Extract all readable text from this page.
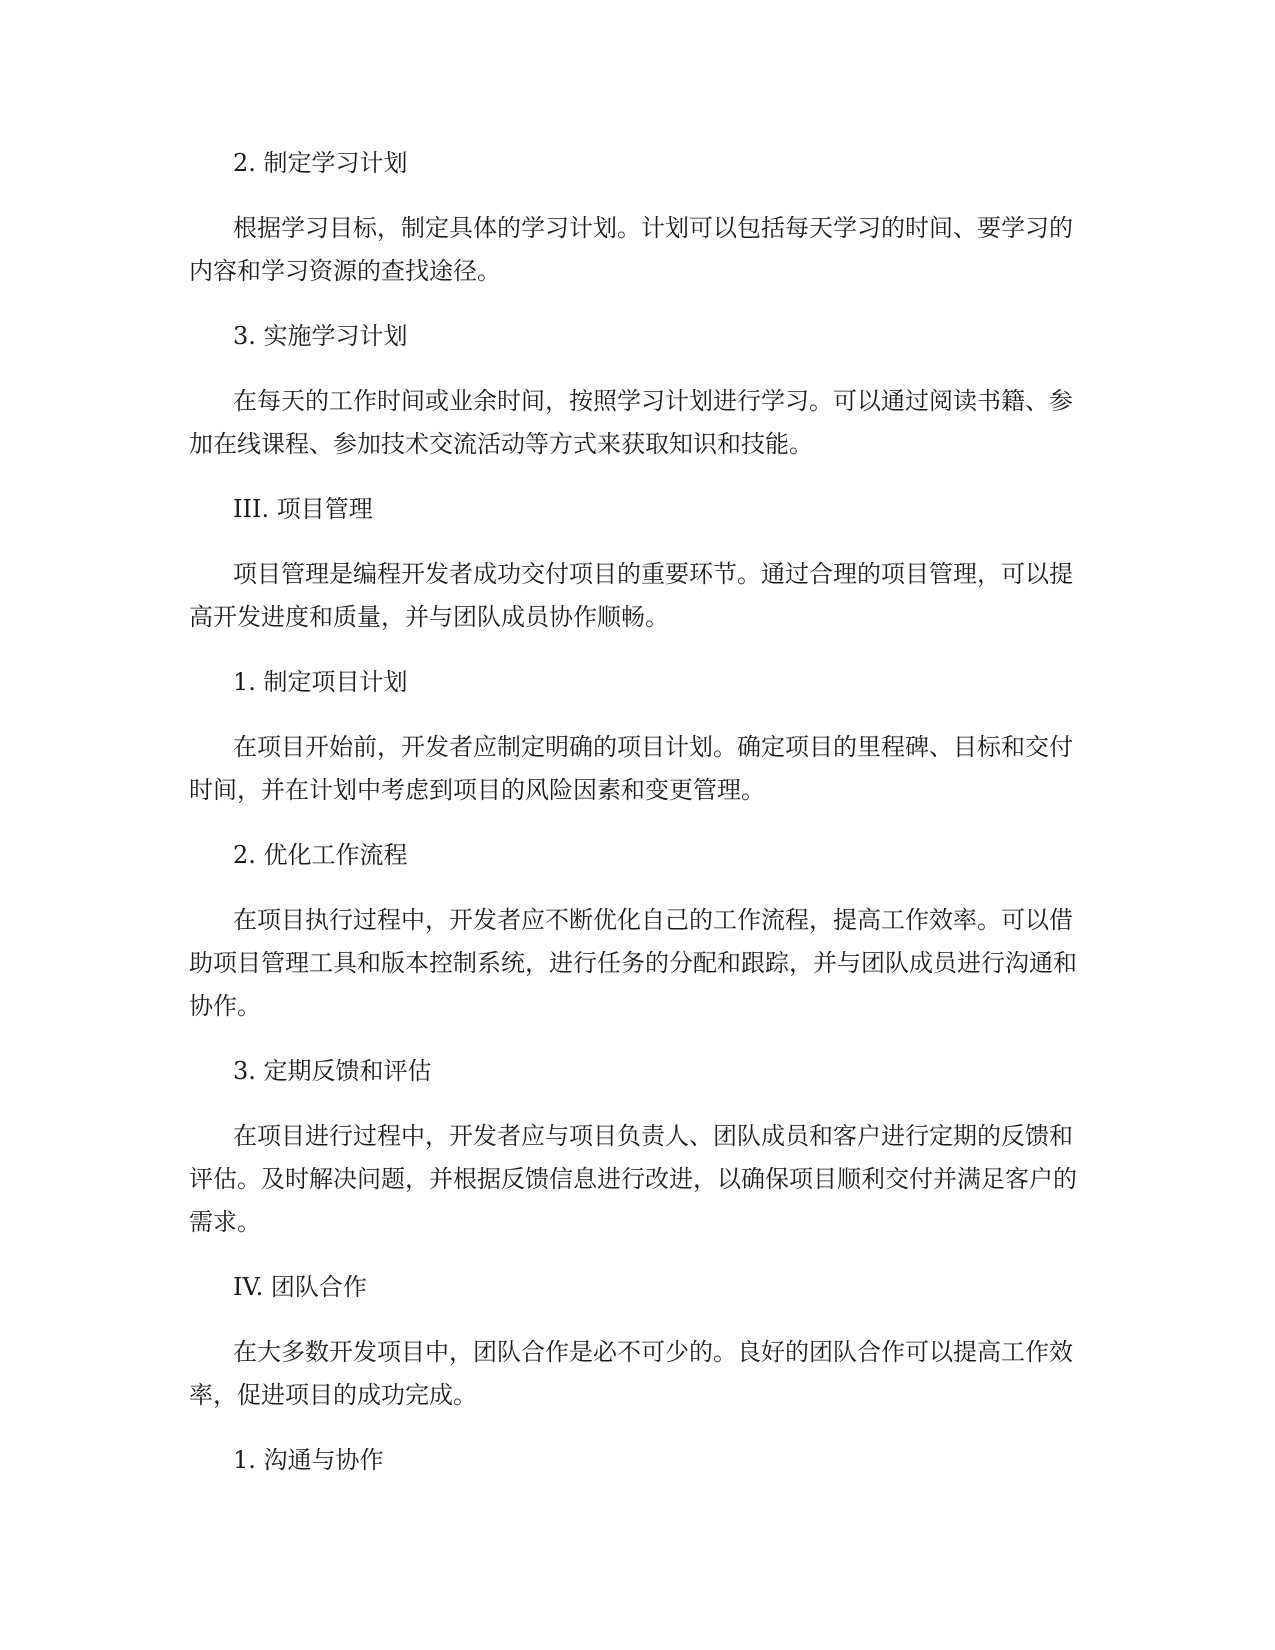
2. 制定学习计划

根据学习目标，制定具体的学习计划。计划可以包括每天学习的时间、要学习的内容和学习资源的查找途径。

3. 实施学习计划

在每天的工作时间或业余时间，按照学习计划进行学习。可以通过阅读书籍、参加在线课程、参加技术交流活动等方式来获取知识和技能。

III. 项目管理

项目管理是编程开发者成功交付项目的重要环节。通过合理的项目管理，可以提高开发进度和质量，并与团队成员协作顺畅。

1. 制定项目计划

在项目开始前，开发者应制定明确的项目计划。确定项目的里程碑、目标和交付时间，并在计划中考虑到项目的风险因素和变更管理。

2. 优化工作流程

在项目执行过程中，开发者应不断优化自己的工作流程，提高工作效率。可以借助项目管理工具和版本控制系统，进行任务的分配和跟踪，并与团队成员进行沟通和协作。

3. 定期反馈和评估

在项目进行过程中，开发者应与项目负责人、团队成员和客户进行定期的反馈和评估。及时解决问题，并根据反馈信息进行改进，以确保项目顺利交付并满足客户的需求。

IV. 团队合作

在大多数开发项目中，团队合作是必不可少的。良好的团队合作可以提高工作效率，促进项目的成功完成。

1. 沟通与协作
